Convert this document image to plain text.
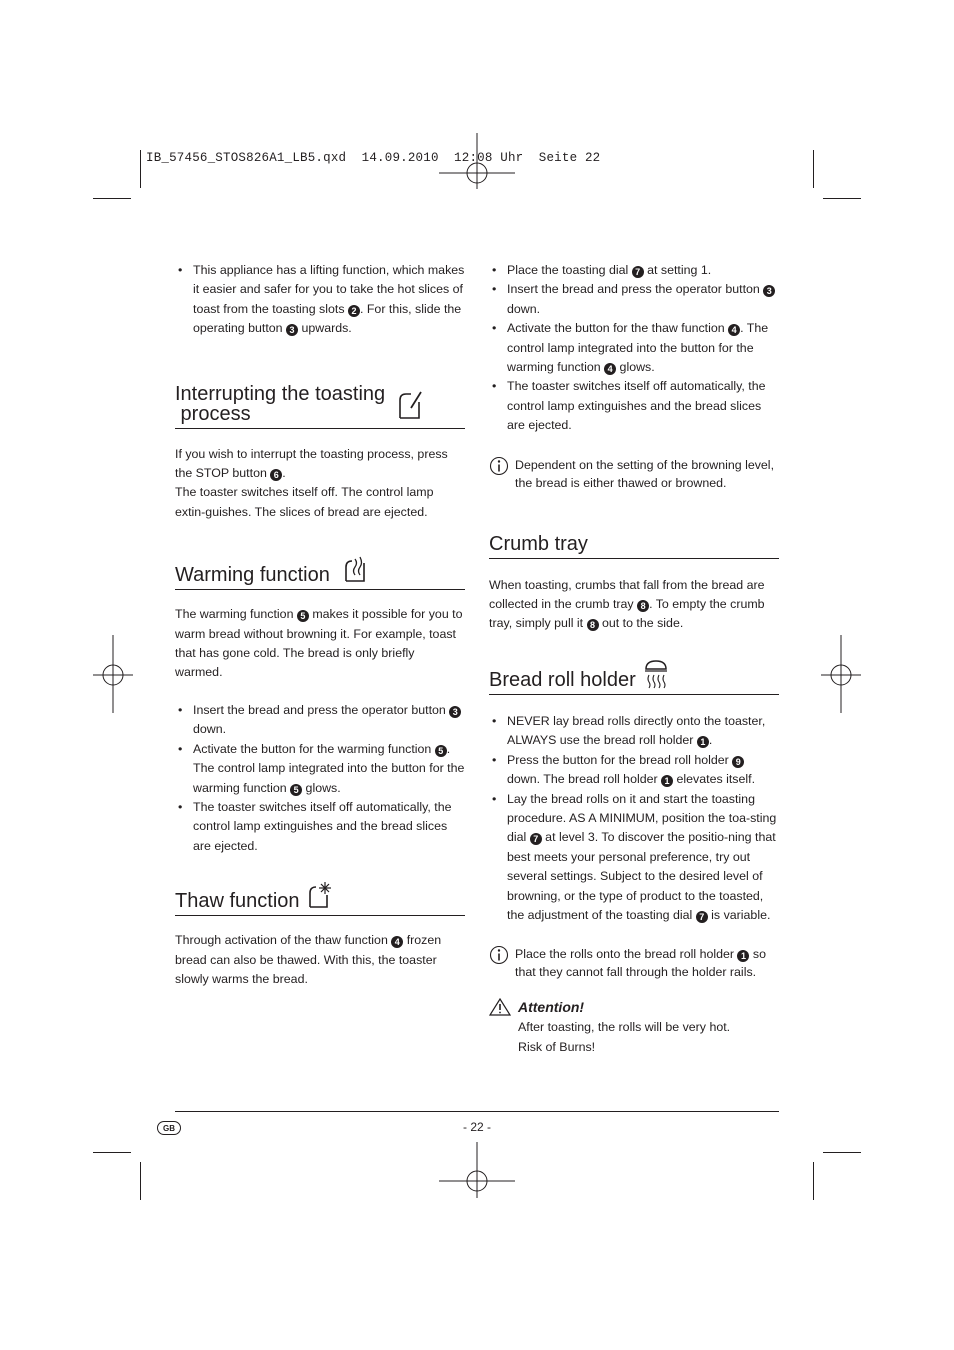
IB_57456_STOS826A1_LB5.qxd  14.09.2010  12:08 Uhr  Seite 22
• This appliance has a lifting function, which makes it easier and safer for you to take the hot slices of toast from the toasting slots 2 . For this, slide the operating button 3 upwards.
Interrupting the toasting
process

If you wish to interrupt the toasting process, press the STOP button 6 .

The toaster switches itself off. The control lamp extin-guishes. The slices of bread are ejected.

Warming function

The warming function 5 makes it possible for you to warm bread without browning it. For example, toast that has gone cold. The bread is only briefly warmed.

• Insert the bread and press the operator button 3 down.
• Activate the button for the warming function 5 . The control lamp integrated into the button for the warming function 5 glows.
• The toaster switches itself off automatically, the control lamp extinguishes and the bread slices are ejected.
Thaw function

Through activation of the thaw function 4 frozen bread can also be thawed. With this, the toaster slowly warms the bread.

• Place the toasting dial 7 at setting 1.
• Insert the bread and press the operator button 3 down.
• Activate the button for the thaw function 4 . The control lamp integrated into the button for the warming function 4 glows.
• The toaster switches itself off automatically, the control lamp extinguishes and the bread slices are ejected.
Dependent on the setting of the browning level, the bread is either thawed or browned.
Crumb tray

When toasting, crumbs that fall from the bread are collected in the crumb tray 8 . To empty the crumb tray, simply pull it 8 out to the side.

Bread roll holder
• NEVER lay bread rolls directly onto the toaster, ALWAYS use the bread roll holder 1 .
• Press the button for the bread roll holder 9 down. The bread roll holder 1 elevates itself.
• Lay the bread rolls on it and start the toasting procedure. AS A MINIMUM, position the toa-sting dial 7 at level 3. To discover the positio-ning that best meets your personal preference, try out several settings. Subject to the desired level of browning, or the type of product to the toasted, the adjustment of the toasting dial 7 is variable.
Place the rolls onto the bread roll holder 1 so that they cannot fall through the holder rails.
Attention!
After toasting, the rolls will be very hot.
Risk of Burns!
GB	- 22 -
